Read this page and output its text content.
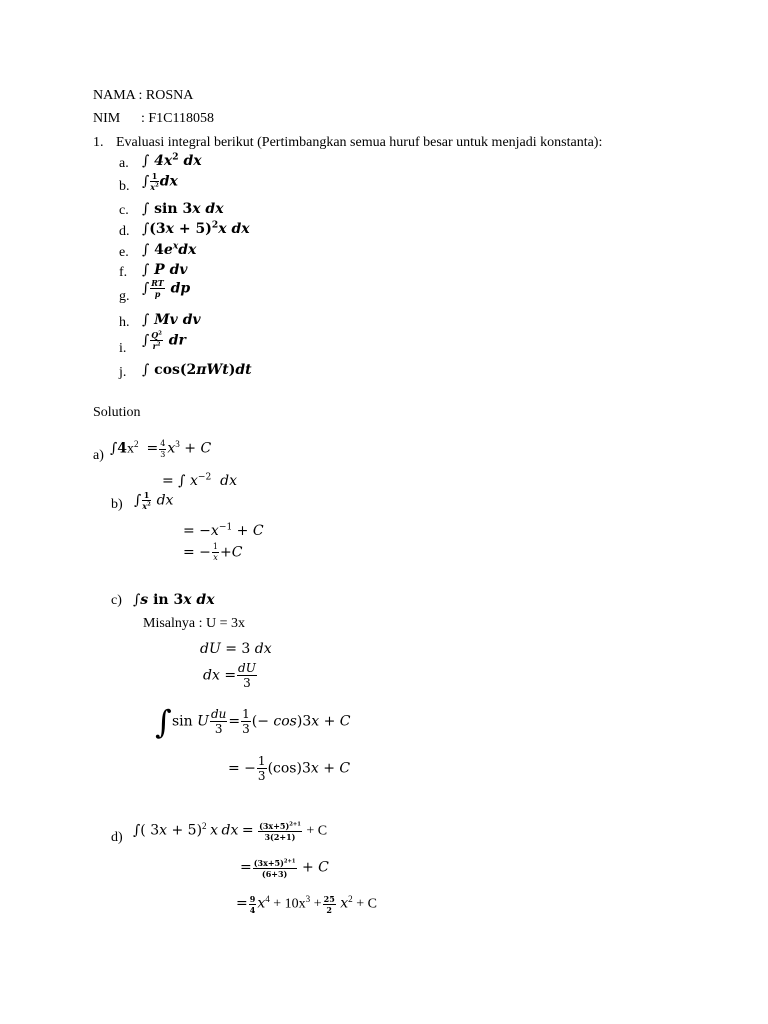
NAMA : ROSNA
NIM : F1C118058
1. Evaluasi integral berikut (Pertimbangkan semua huruf besar untuk menjadi konstanta):
a. ∫ $4x^2$ dx
b. ∫ $\frac{1}{x^2}$ dx
c. ∫ sin 3x dx
d. $\int(3x + 5)^2x$ dx
e. ∫ $4e^xdx$
f. ∫ P dv
g. ∫ $\frac{RT}{p}$ dp
h. ∫ Mv dv
i. ∫ $\frac{Q^2}{r^2}$ dr
j. ∫ cos(2πWt)dt
Solution
a) $\int 4x^2 = \frac{4}{3} x^3 + C$
= ∫ $x^{-2}$  dx
b) ∫ $\frac{1}{x^2}$ dx
= $-x^{-1} + C$
= − $\frac{1}{x} +C$
c) ∫s in 3x dx
Misalnya : U = 3x
dU = 3 dx
dx = $\frac{dU}{3}$
∫ sin U $\frac{du}{3} = \frac{1}{3}$ (− cos)3x + C
= − $\frac{1}{3} (\cos)3x + C$
d) ∫( 3x + 5)$^2$ x dx = $\frac{(3x+5)^{2+1}}{3(2+1)} + C$
= $\frac{(3x+5)^{2+1}}{(6+3)} + C$
= $\frac{9}{4} x^4 + 10x^3 + \frac{25}{2} x^2 + C$
